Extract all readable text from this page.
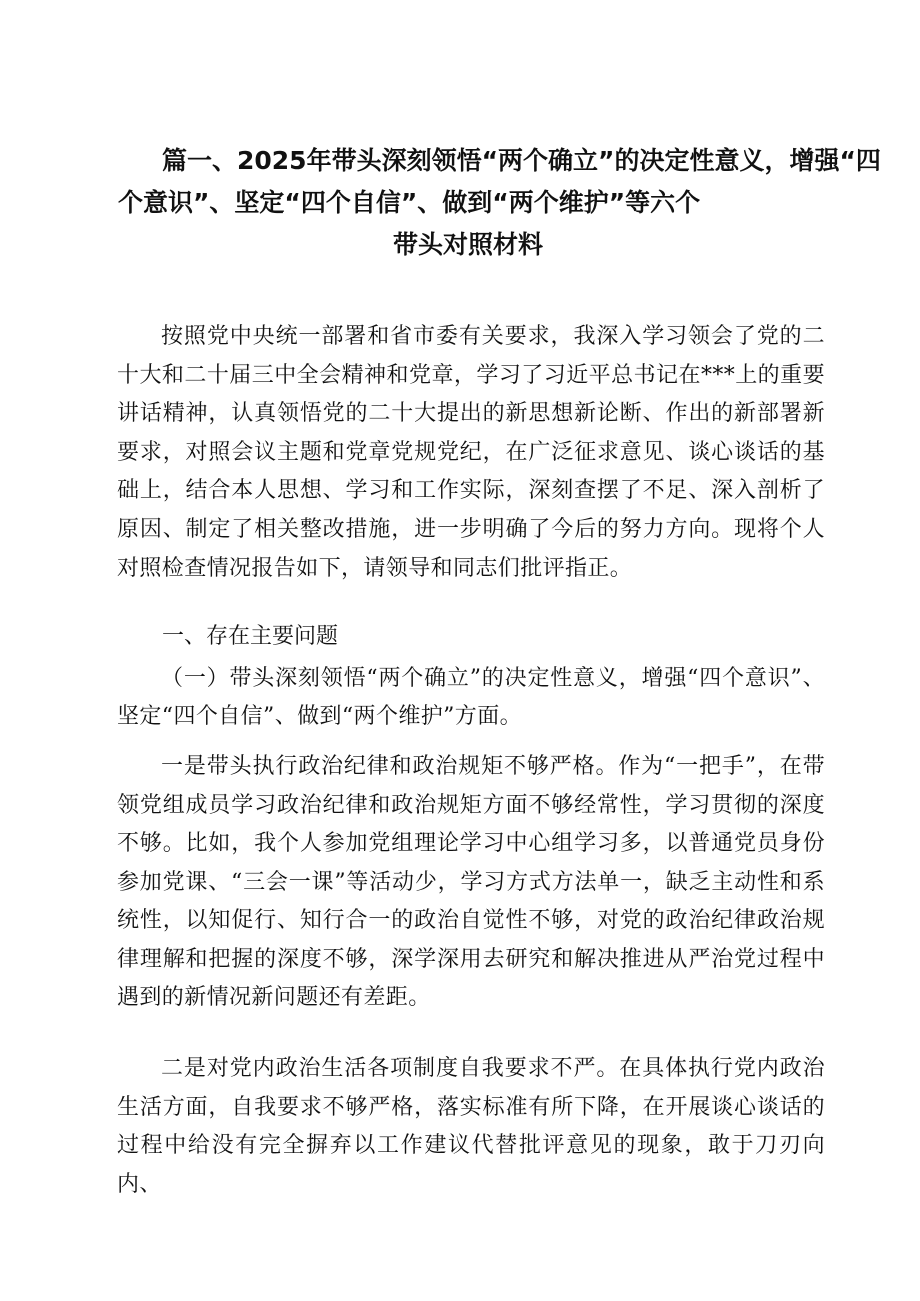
篇一、2025年带头深刻领悟“两个确立”的决定性意义，增强“四
个意识”、坚定“四个自信”、做到“两个维护”等六个
带头对照材料
按照党中央统一部署和省市委有关要求，我深入学习领会了党的二十大和二十届三中全会精神和党章，学习了习近平总书记在***上的重要讲话精神，认真领悟党的二十大提出的新思想新论断、作出的新部署新要求，对照会议主题和党章党规党纪，在广泛征求意见、谈心谈话的基础上，结合本人思想、学习和工作实际，深刻查摆了不足、深入剖析了原因、制定了相关整改措施，进一步明确了今后的努力方向。现将个人对照检查情况报告如下，请领导和同志们批评指正。
一、存在主要问题
（一）带头深刻领悟“两个确立”的决定性意义，增强“四个意识”、坚定“四个自信”、做到“两个维护”方面。
一是带头执行政治纪律和政治规矩不够严格。作为“一把手”，在带领党组成员学习政治纪律和政治规矩方面不够经常性，学习贯彻的深度不够。比如，我个人参加党组理论学习中心组学习多，以普通党员身份参加党课、“三会一课”等活动少，学习方式方法单一，缺乏主动性和系统性，以知促行、知行合一的政治自觉性不够，对党的政治纪律政治规律理解和把握的深度不够，深学深用去研究和解决推进从严治党过程中遇到的新情况新问题还有差距。
二是对党内政治生活各项制度自我要求不严。在具体执行党内政治生活方面，自我要求不够严格，落实标准有所下降，在开展谈心谈话的过程中给没有完全摒弃以工作建议代替批评意见的现象，敢于刀刃向内、
